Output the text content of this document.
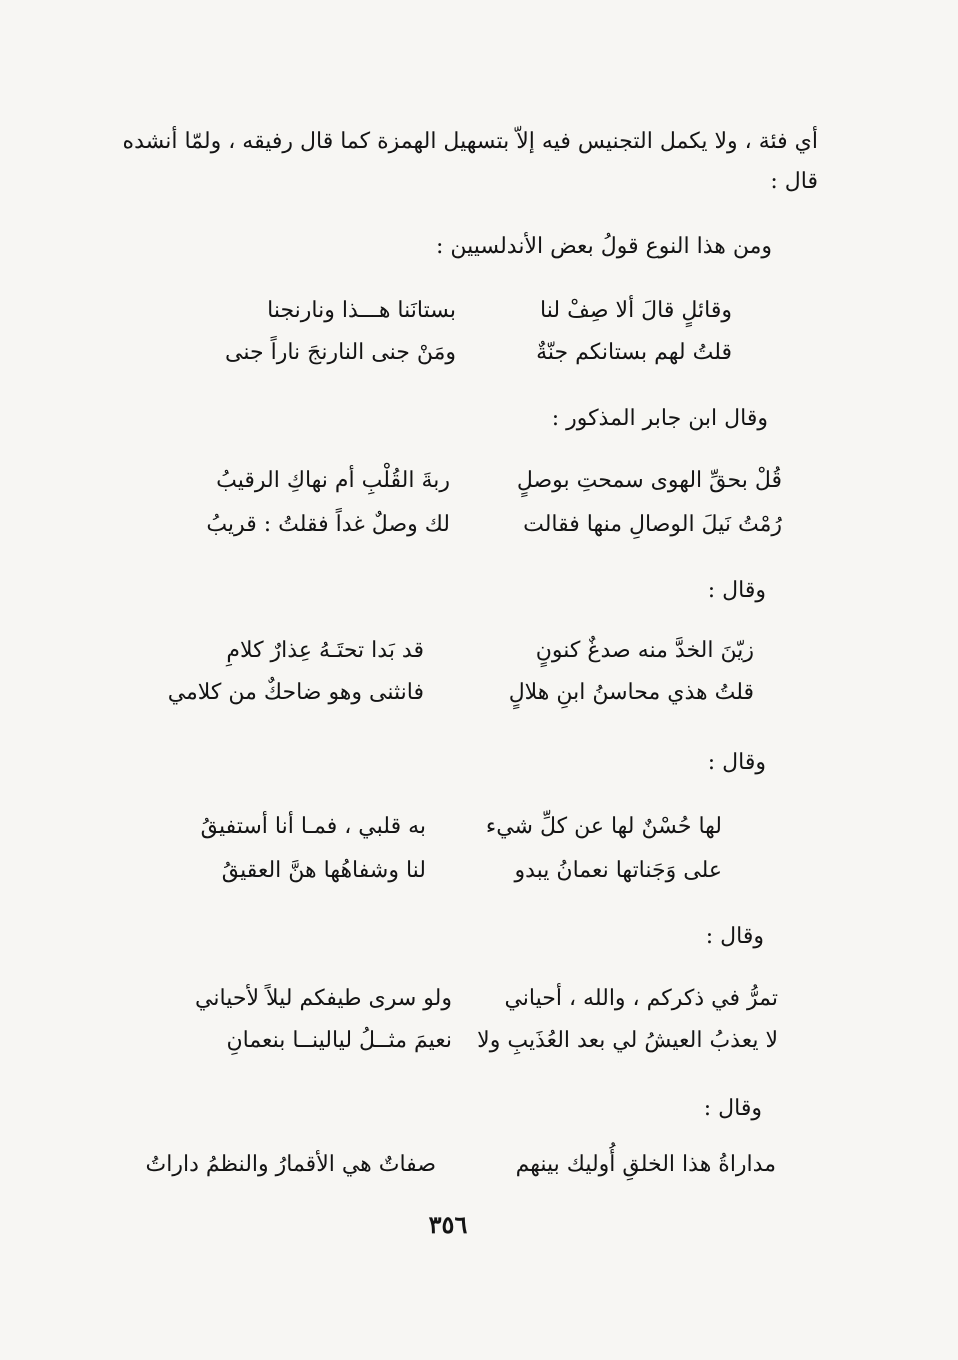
أي فئة ، ولا يكمل التجنيس فيه إلاّ بتسهيل الهمزة كما قال رفيقه ، ولمّا أنشده
قال :
ومن هذا النوع قولُ بعض الأندلسيين :
وقائلٍ قالَ ألا صِفْ لنا
بستانَنا هـــذا ونارنجنا
قلتُ لهم بستانكم جنّةٌ
ومَنْ جنى النارنجَ ناراً جنى
وقال ابن جابر المذكور :
قُلْ بحقِّ الهوى سمحتِ بوصلٍ
ربةَ القُلْبِ أم نهاكِ الرقيبُ
رُمْتُ نَيلَ الوصالِ منها فقالت
لك وصلٌ غداً فقلتُ : قريبُ
وقال :
زيّنَ الخدَّ منه صدغٌ كنونٍ
قد بَدا تحتَـهُ عِذارٌ كلامِ
قلتُ هذي محاسنُ ابنِ هلالٍ
فانثنى وهو ضاحكٌ من كلامي
وقال :
لها حُسْنٌ لها عن كلِّ شيء
به قلبي ، فمـا أنا أستفيقُ
على وَجَناتها نعمانُ يبدو
لنا وشفاهُها هنَّ العقيقُ
وقال :
تمرُّ في ذكركم ، والله ، أحياني
ولو سرى طيفكم ليلاً لأحياني
لا يعذبُ العيشُ لي بعد العُذَيبِ ولا
نعيمَ مثــلُ ليالينــا بنعمانِ
وقال :
مداراةُ هذا الخلقِ أُوليك بينهم
صفاتٌ هي الأقمارُ والنظمُ داراتُ
٣٥٦
